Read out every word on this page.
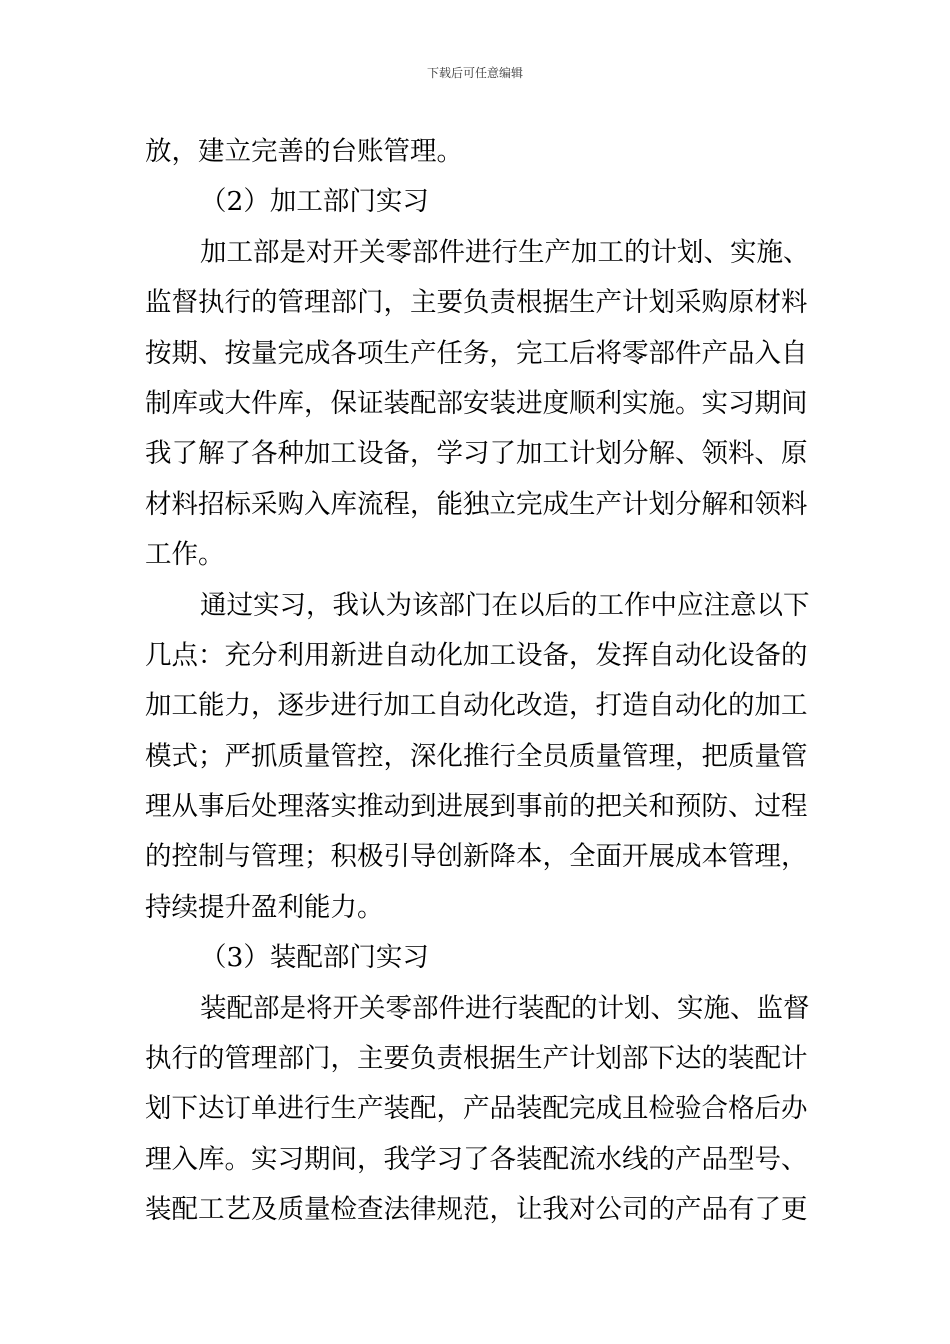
下载后可任意编辑
放，建立完善的台账管理。
（2）加工部门实习
加工部是对开关零部件进行生产加工的计划、实施、
监督执行的管理部门，主要负责根据生产计划采购原材料
按期、按量完成各项生产任务，完工后将零部件产品入自
制库或大件库，保证装配部安装进度顺利实施。实习期间
我了解了各种加工设备，学习了加工计划分解、领料、原
材料招标采购入库流程，能独立完成生产计划分解和领料
工作。
通过实习，我认为该部门在以后的工作中应注意以下
几点：充分利用新进自动化加工设备，发挥自动化设备的
加工能力，逐步进行加工自动化改造，打造自动化的加工
模式；严抓质量管控，深化推行全员质量管理，把质量管
理从事后处理落实推动到进展到事前的把关和预防、过程
的控制与管理；积极引导创新降本，全面开展成本管理，
持续提升盈利能力。
（3）装配部门实习
装配部是将开关零部件进行装配的计划、实施、监督
执行的管理部门，主要负责根据生产计划部下达的装配计
划下达订单进行生产装配，产品装配完成且检验合格后办
理入库。实习期间，我学习了各装配流水线的产品型号、
装配工艺及质量检查法律规范，让我对公司的产品有了更
